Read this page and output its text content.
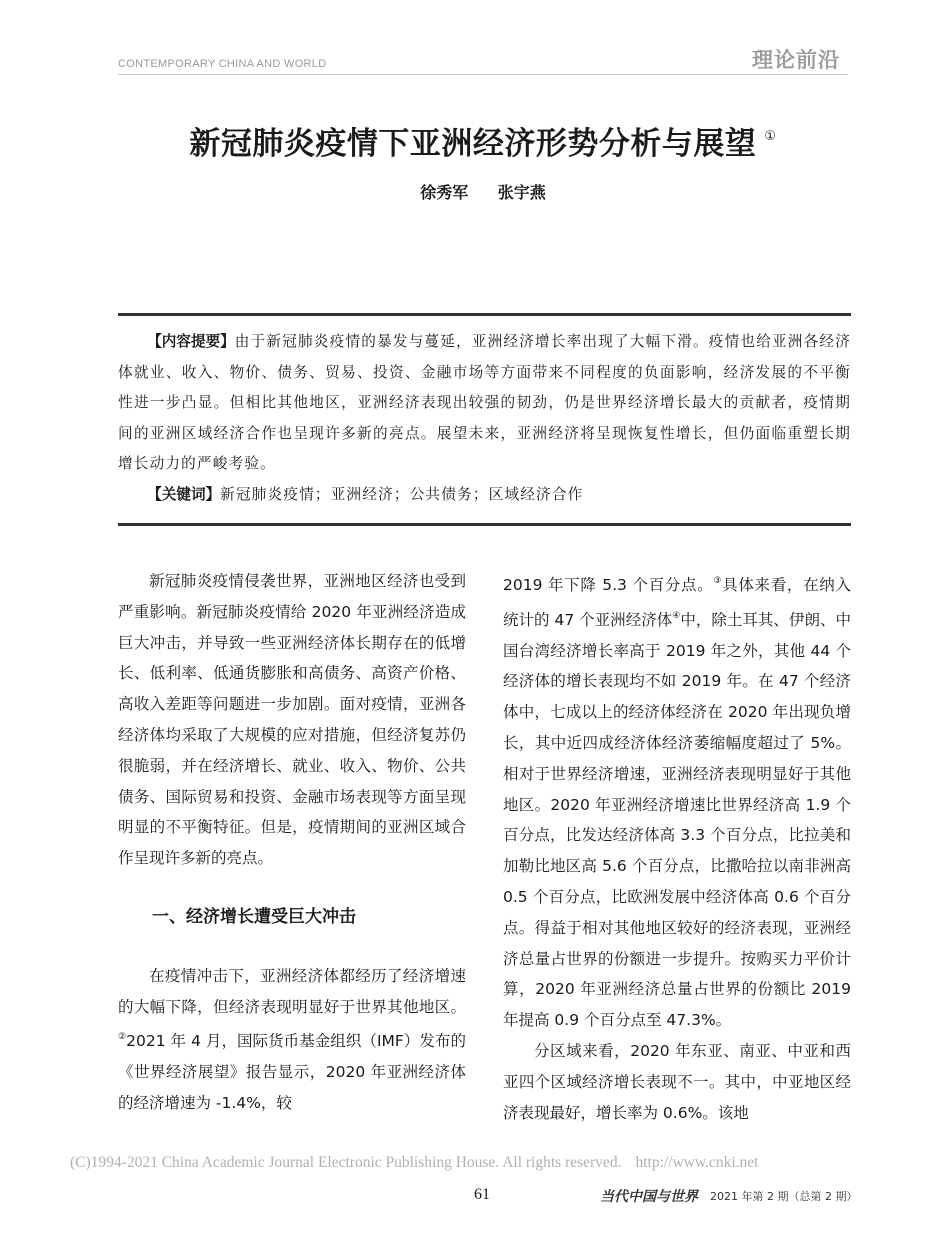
CONTEMPORARY CHINA AND WORLD	理论前沿
新冠肺炎疫情下亚洲经济形势分析与展望 ①
徐秀军 张宇燕
【内容提要】由于新冠肺炎疫情的暴发与蔓延，亚洲经济增长率出现了大幅下滑。疫情也给亚洲各经济体就业、收入、物价、债务、贸易、投资、金融市场等方面带来不同程度的负面影响，经济发展的不平衡性进一步凸显。但相比其他地区，亚洲经济表现出较强的韧劲，仍是世界经济增长最大的贡献者，疫情期间的亚洲区域经济合作也呈现许多新的亮点。展望未来，亚洲经济将呈现恢复性增长，但仍面临重塑长期增长动力的严峻考验。
【关键词】新冠肺炎疫情；亚洲经济；公共债务；区域经济合作

新冠肺炎疫情侵袭世界，亚洲地区经济也受到严重影响。新冠肺炎疫情给 2020 年亚洲经济造成巨大冲击，并导致一些亚洲经济体长期存在的低增长、低利率、低通货膨胀和高债务、高资产价格、高收入差距等问题进一步加剧。面对疫情，亚洲各经济体均采取了大规模的应对措施，但经济复苏仍很脆弱，并在经济增长、就业、收入、物价、公共债务、国际贸易和投资、金融市场表现等方面呈现明显的不平衡特征。但是，疫情期间的亚洲区域合作呈现许多新的亮点。

一、经济增长遭受巨大冲击

在疫情冲击下，亚洲经济体都经历了经济增速的大幅下降，但经济表现明显好于世界其他地区。②2021 年 4 月，国际货币基金组织（IMF）发布的《世界经济展望》报告显示，2020 年亚洲经济体的经济增速为 -1.4%，较

2019 年下降 5.3 个百分点。③具体来看，在纳入统计的 47 个亚洲经济体④中，除土耳其、伊朗、中国台湾经济增长率高于 2019 年之外，其他 44 个经济体的增长表现均不如 2019 年。在 47 个经济体中，七成以上的经济体经济在 2020 年出现负增长，其中近四成经济体经济萎缩幅度超过了 5%。相对于世界经济增速，亚洲经济表现明显好于其他地区。2020 年亚洲经济增速比世界经济高 1.9 个百分点，比发达经济体高 3.3 个百分点，比拉美和加勒比地区高 5.6 个百分点，比撒哈拉以南非洲高 0.5 个百分点，比欧洲发展中经济体高 0.6 个百分点。得益于相对其他地区较好的经济表现，亚洲经济总量占世界的份额进一步提升。按购买力平价计算，2020 年亚洲经济总量占世界的份额比 2019 年提高 0.9 个百分点至 47.3%。

分区域来看，2020 年东亚、南亚、中亚和西亚四个区域经济增长表现不一。其中，中亚地区经济表现最好，增长率为 0.6%。该地

(C)1994-2021 China Academic Journal Electronic Publishing House. All rights reserved. http://www.cnki.net
61	当代中国与世界 2021 年第 2 期（总第 2 期）
